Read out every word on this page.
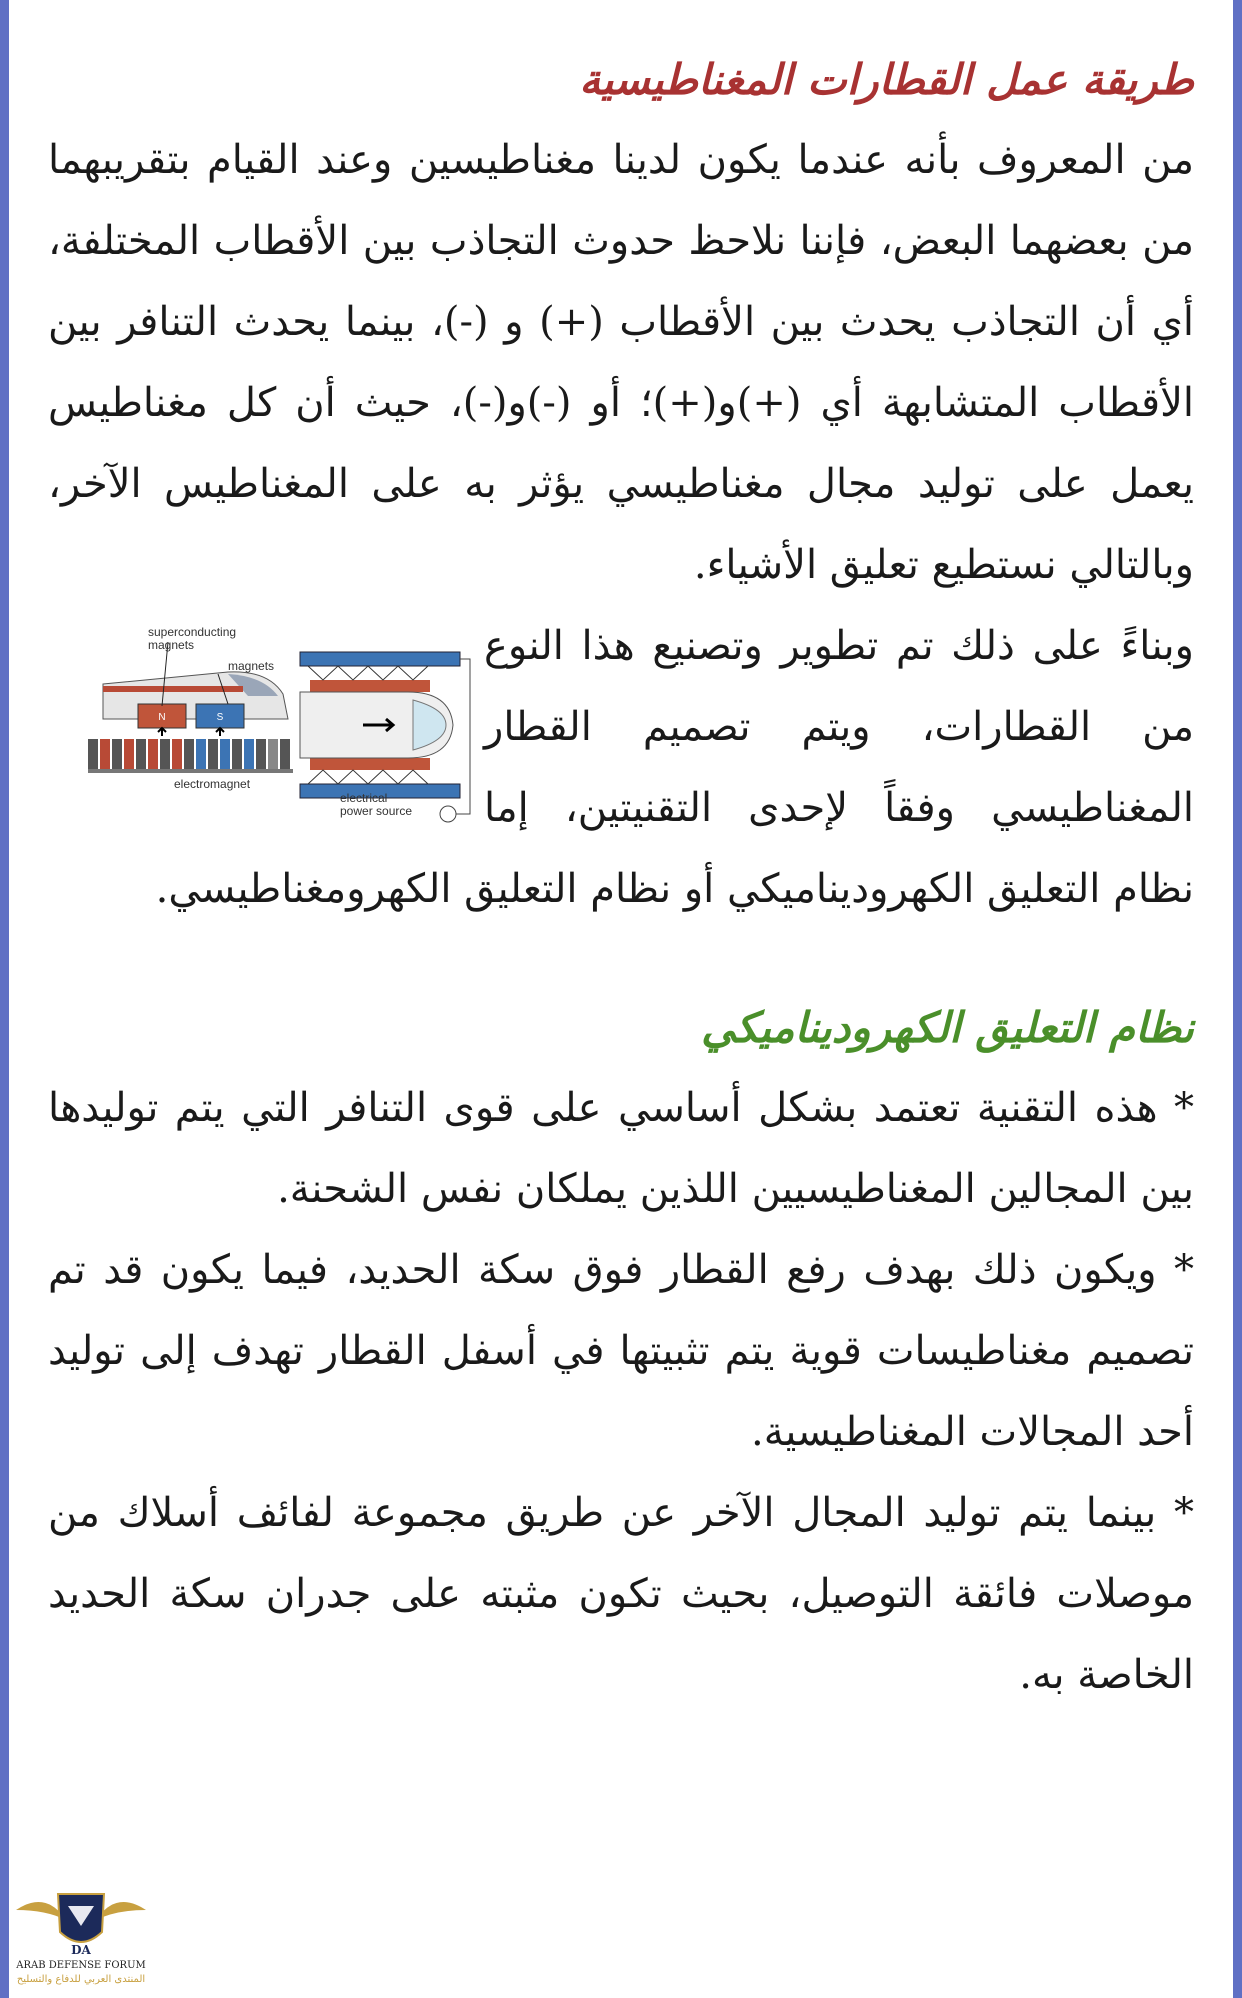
طريقة عمل القطارات المغناطيسية

من المعروف بأنه عندما يكون لدينا مغناطيسين وعند القيام بتقريبهما من بعضهما البعض، فإننا نلاحظ حدوث التجاذب بين الأقطاب المختلفة، أي أن التجاذب يحدث بين الأقطاب (+) و (-)، بينما يحدث التنافر بين الأقطاب المتشابهة أي (+)و(+)؛ أو (-)و(-)، حيث أن كل مغناطيس يعمل على توليد مجال مغناطيسي يؤثر به على المغناطيس الآخر، وبالتالي نستطيع تعليق الأشياء.

N	S
superconducting
magnets
magnets
electromagnet
electrical
power source

وبناءً على ذلك تم تطوير وتصنيع هذا النوع من القطارات، ويتم تصميم القطار المغناطيسي وفقاً لإحدى التقنيتين، إما نظام التعليق الكهروديناميكي أو نظام التعليق الكهرومغناطيسي.

نظام التعليق الكهروديناميكي

* هذه التقنية تعتمد بشكل أساسي على قوى التنافر التي يتم توليدها بين المجالين المغناطيسيين اللذين يملكان نفس الشحنة.

* ويكون ذلك بهدف رفع القطار فوق سكة الحديد، فيما يكون قد تم تصميم مغناطيسات قوية يتم تثبيتها في أسفل القطار تهدف إلى توليد أحد المجالات المغناطيسية.

* بينما يتم توليد المجال الآخر عن طريق مجموعة لفائف أسلاك من موصلات فائقة التوصيل، بحيث تكون مثبته على جدران سكة الحديد الخاصة به.

DA
ARAB DEFENSE FORUM
المنتدى العربي للدفاع والتسليح
